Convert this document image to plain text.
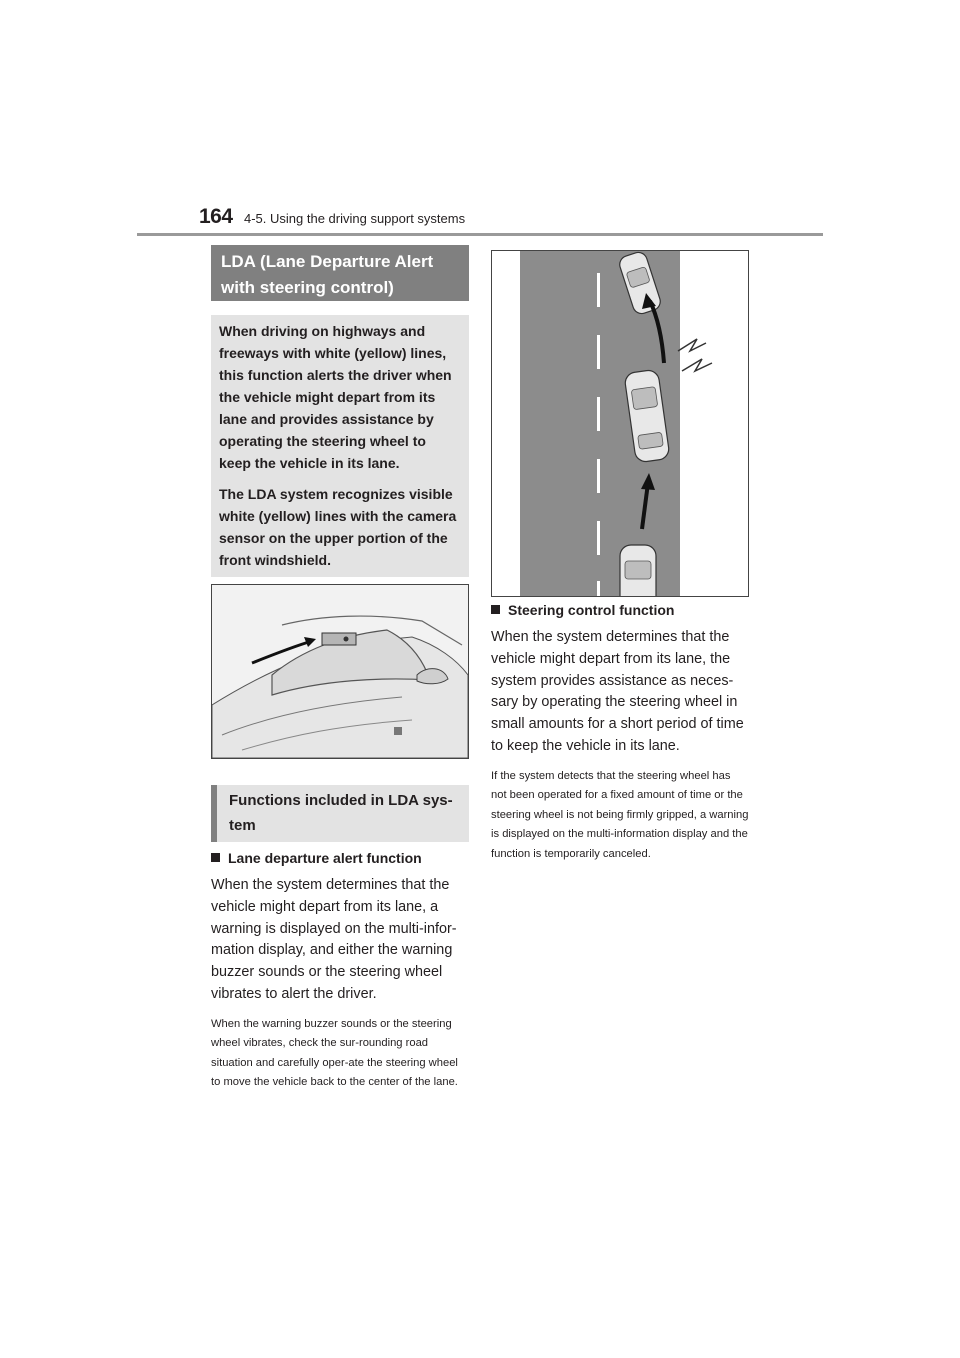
164 4-5. Using the driving support systems
LDA (Lane Departure Alert
with steering control)

When driving on highways and freeways with white (yellow) lines, this function alerts the driver when the vehicle might depart from its lane and provides assistance by operating the steering wheel to keep the vehicle in its lane.

The LDA system recognizes visible white (yellow) lines with the camera sensor on the upper portion of the front windshield.

Functions included in LDA sys-
tem
Lane departure alert function

When the system determines that the vehicle might depart from its lane, a warning is displayed on the multi-infor-mation display, and either the warning buzzer sounds or the steering wheel vibrates to alert the driver.

When the warning buzzer sounds or the steering wheel vibrates, check the sur-rounding road situation and carefully oper-ate the steering wheel to move the vehicle back to the center of the lane.

Steering control function

When the system determines that the vehicle might depart from its lane, the system provides assistance as neces-sary by operating the steering wheel in small amounts for a short period of time to keep the vehicle in its lane.

If the system detects that the steering wheel has not been operated for a fixed amount of time or the steering wheel is not being firmly gripped, a warning is displayed on the multi-information display and the function is temporarily canceled.
